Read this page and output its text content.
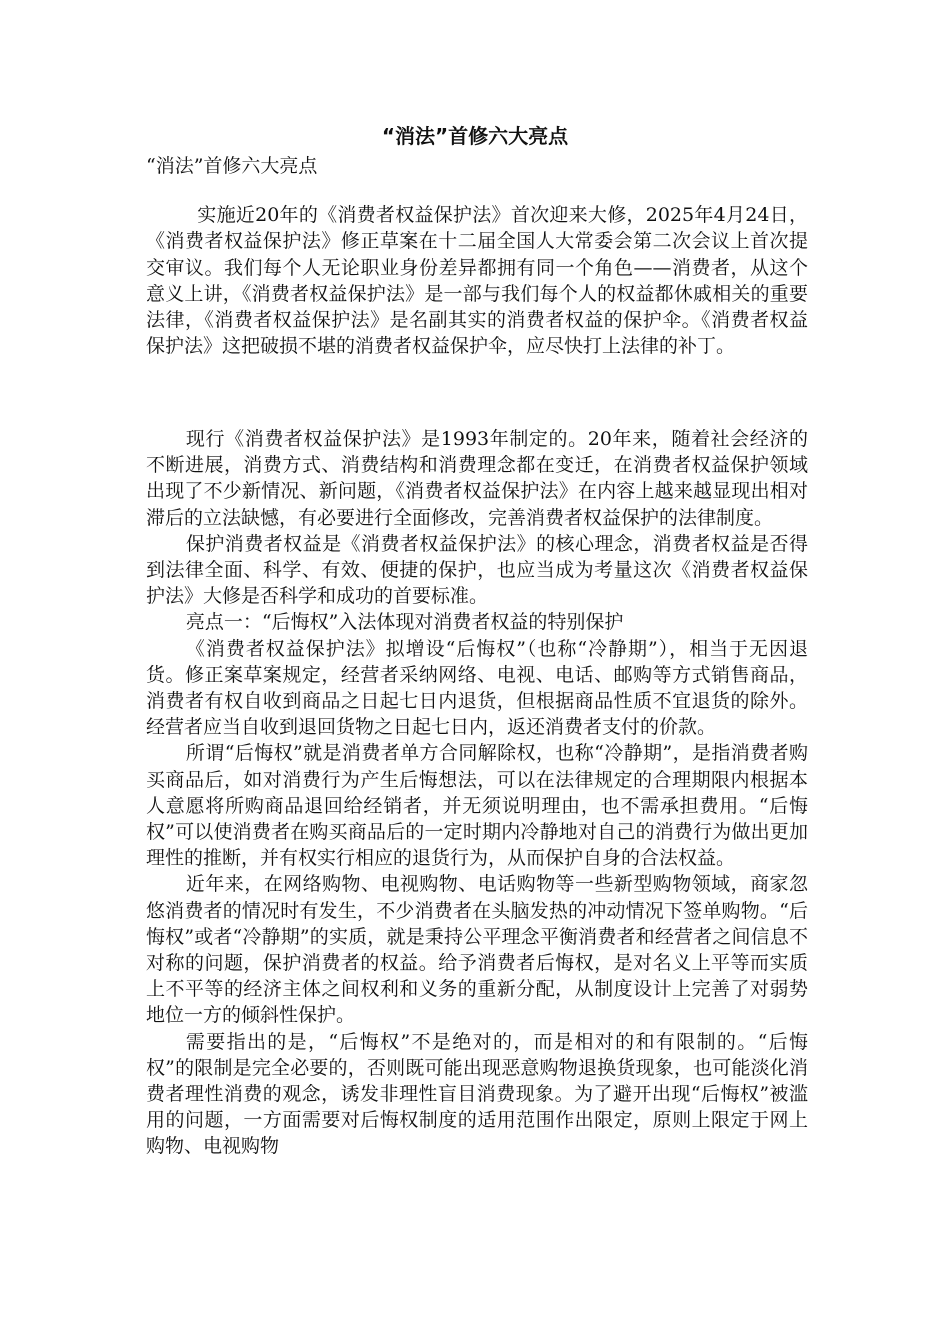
“消法”首修六大亮点
“消法”首修六大亮点

实施近20年的《消费者权益保护法》首次迎来大修，2025年4月24日，《消费者权益保护法》修正草案在十二届全国人大常委会第二次会议上首次提交审议。我们每个人无论职业身份差异都拥有同一个角色——消费者，从这个意义上讲，《消费者权益保护法》是一部与我们每个人的权益都休戚相关的重要法律，《消费者权益保护法》是名副其实的消费者权益的保护伞。《消费者权益保护法》这把破损不堪的消费者权益保护伞，应尽快打上法律的补丁。

现行《消费者权益保护法》是1993年制定的。20年来，随着社会经济的不断进展，消费方式、消费结构和消费理念都在变迁，在消费者权益保护领域出现了不少新情况、新问题，《消费者权益保护法》在内容上越来越显现出相对滞后的立法缺憾，有必要进行全面修改，完善消费者权益保护的法律制度。

保护消费者权益是《消费者权益保护法》的核心理念，消费者权益是否得到法律全面、科学、有效、便捷的保护，也应当成为考量这次《消费者权益保护法》大修是否科学和成功的首要标准。

亮点一：“后悔权”入法体现对消费者权益的特别保护

《消费者权益保护法》拟增设“后悔权”（也称“冷静期”），相当于无因退货。修正案草案规定，经营者采纳网络、电视、电话、邮购等方式销售商品，消费者有权自收到商品之日起七日内退货，但根据商品性质不宜退货的除外。经营者应当自收到退回货物之日起七日内，返还消费者支付的价款。

所谓“后悔权”就是消费者单方合同解除权，也称“冷静期”，是指消费者购买商品后，如对消费行为产生后悔想法，可以在法律规定的合理期限内根据本人意愿将所购商品退回给经销者，并无须说明理由，也不需承担费用。“后悔权”可以使消费者在购买商品后的一定时期内冷静地对自己的消费行为做出更加理性的推断，并有权实行相应的退货行为，从而保护自身的合法权益。

近年来，在网络购物、电视购物、电话购物等一些新型购物领域，商家忽悠消费者的情况时有发生，不少消费者在头脑发热的冲动情况下签单购物。“后悔权”或者“冷静期”的实质，就是秉持公平理念平衡消费者和经营者之间信息不对称的问题，保护消费者的权益。给予消费者后悔权，是对名义上平等而实质上不平等的经济主体之间权利和义务的重新分配，从制度设计上完善了对弱势地位一方的倾斜性保护。

需要指出的是，“后悔权”不是绝对的，而是相对的和有限制的。“后悔权”的限制是完全必要的，否则既可能出现恶意购物退换货现象，也可能淡化消费者理性消费的观念，诱发非理性盲目消费现象。为了避开出现“后悔权”被滥用的问题，一方面需要对后悔权制度的适用范围作出限定，原则上限定于网上购物、电视购物
